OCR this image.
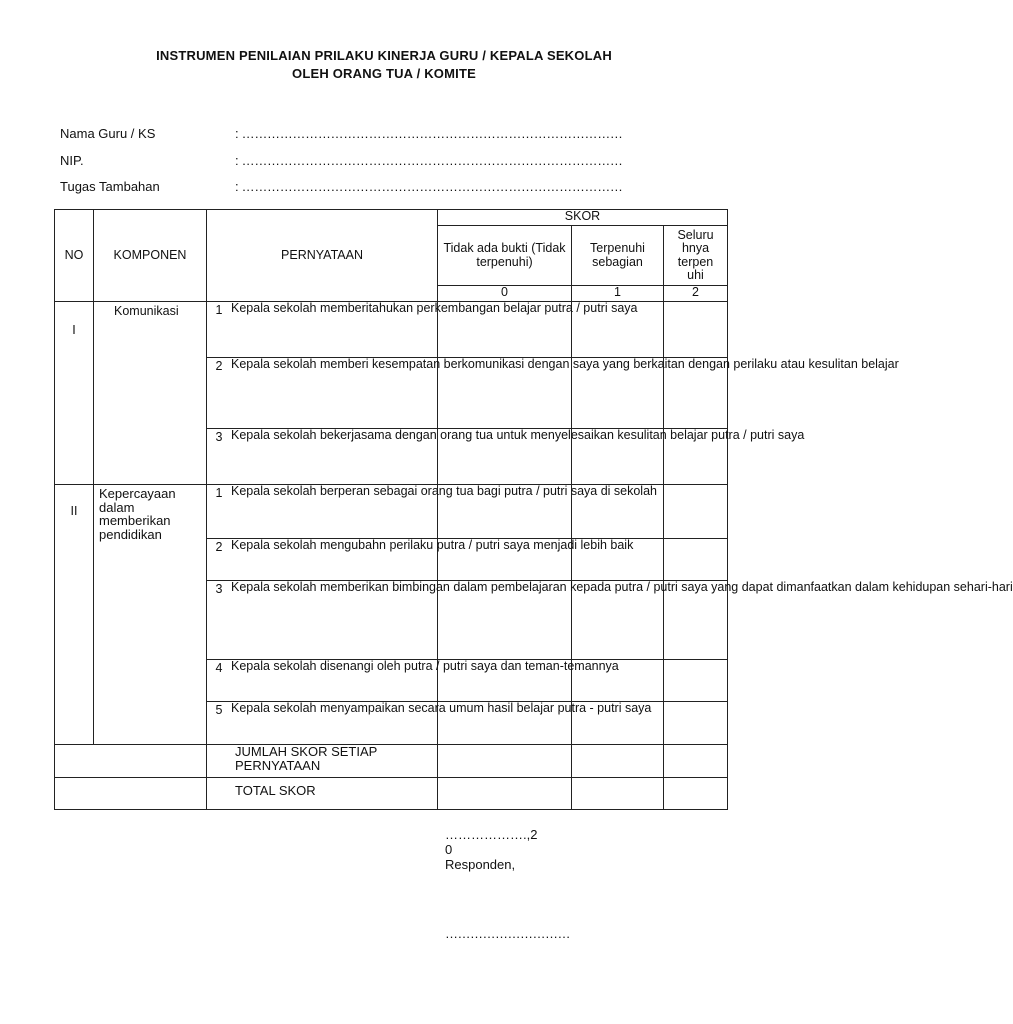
INSTRUMEN PENILAIAN PRILAKU KINERJA GURU / KEPALA SEKOLAH
OLEH ORANG TUA / KOMITE
Nama Guru / KS	: ………………………………………………………………………………
NIP.	: ………………………………………………………………………………
Tugas Tambahan	: ………………………………………………………………………………
NO	KOMPONEN	PERNYATAAN	SKOR		
			Tidak ada bukti (Tidak terpenuhi)	Terpenuhi sebagian	Seluru hnya terpen uhi
			0	1	2
I	Komunikasi	1 Kepala sekolah memberitahukan perkembangan belajar putra / putri saya			
		2 Kepala sekolah memberi kesempatan berkomunikasi dengan saya yang berkaitan dengan perilaku atau kesulitan belajar			
		3 Kepala sekolah bekerjasama dengan orang tua untuk menyelesaikan kesulitan belajar putra / putri saya			
II	Kepercayaan dalam memberikan pendidikan	1 Kepala sekolah berperan sebagai orang tua bagi putra / putri saya di sekolah			
		2 Kepala sekolah mengubahn perilaku putra / putri saya menjadi lebih baik			
		3 Kepala sekolah memberikan bimbingan dalam pembelajaran kepada putra / putri saya yang dapat dimanfaatkan dalam kehidupan sehari-hari			
		4 Kepala sekolah disenangi oleh putra / putri saya dan teman-temannya			
		5 Kepala sekolah menyampaikan secara umum hasil belajar putra - putri saya			
		JUMLAH SKOR SETIAP PERNYATAAN			
		TOTAL SKOR			
……………….,2
0
Responden,
…………………………
